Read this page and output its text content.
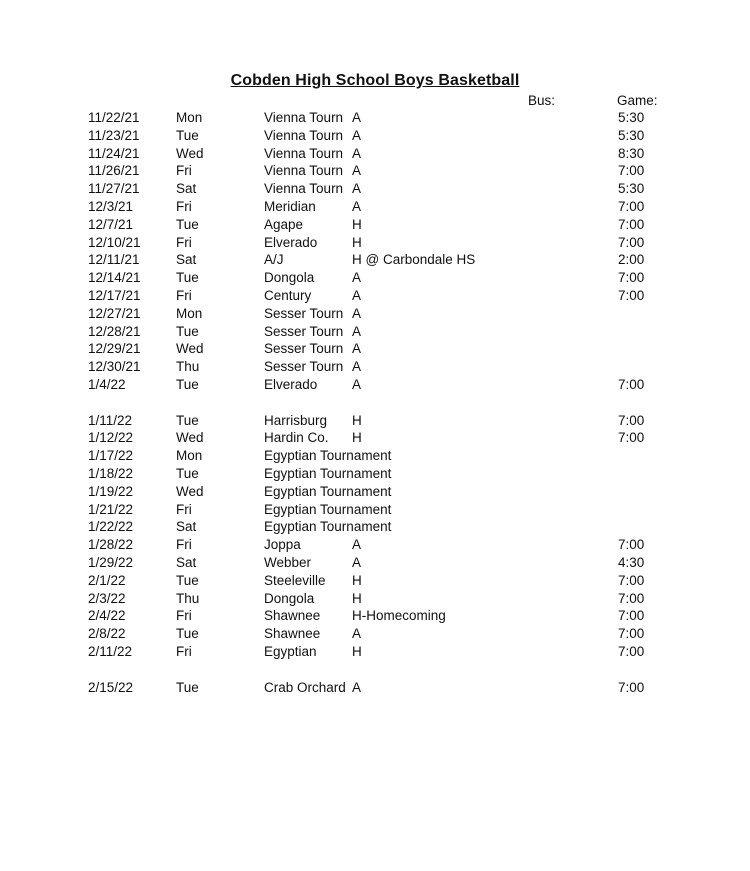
Cobden High School Boys Basketball
Bus:	Game:
11/22/21	Mon	Vienna Tourn A	5:30
11/23/21	Tue	Vienna Tourn A	5:30
11/24/21	Wed	Vienna Tourn A	8:30
11/26/21	Fri	Vienna Tourn A	7:00
11/27/21	Sat	Vienna Tourn A	5:30
12/3/21	Fri	Meridian	A	7:00
12/7/21	Tue	Agape	H	7:00
12/10/21	Fri	Elverado	H	7:00
12/11/21	Sat	A/J	H @ Carbondale HS	2:00
12/14/21	Tue	Dongola	A	7:00
12/17/21	Fri	Century	A	7:00
12/27/21	Mon	Sesser Tourn A
12/28/21	Tue	Sesser Tourn A
12/29/21	Wed	Sesser Tourn A
12/30/21	Thu	Sesser Tourn A
1/4/22	Tue	Elverado	A	7:00
1/11/22	Tue	Harrisburg H	7:00
1/12/22	Wed	Hardin Co. H	7:00
1/17/22	Mon	Egyptian Tournament
1/18/22	Tue	Egyptian Tournament
1/19/22	Wed	Egyptian Tournament
1/21/22	Fri	Egyptian Tournament
1/22/22	Sat	Egyptian Tournament
1/28/22	Fri	Joppa	A	7:00
1/29/22	Sat	Webber	A	4:30
2/1/22	Tue	Steeleville H	7:00
2/3/22	Thu	Dongola	H	7:00
2/4/22	Fri	Shawnee H-Homecoming	7:00
2/8/22	Tue	Shawnee A	7:00
2/11/22	Fri	Egyptian	H	7:00
2/15/22	Tue	Crab Orchard A	7:00
